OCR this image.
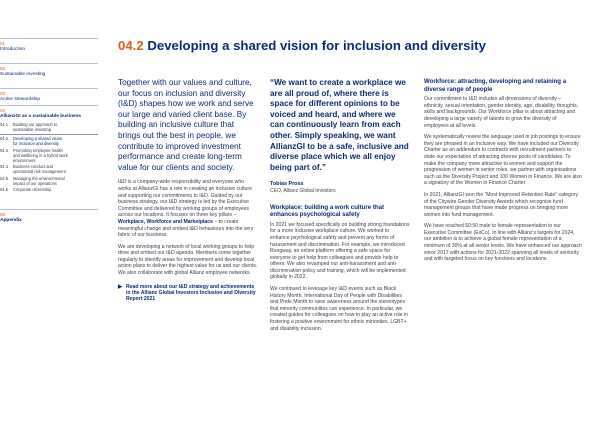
01
Introduction
02
Sustainable investing
03
Active stewardship
04
AllianzGI as a sustainable business
04.1	Building our approach to sustainable investing
04.2	Developing a shared vision for inclusion and diversity
04.3	Promoting employee health and wellbeing in a hybrid work environment
04.4	Business conduct and operational risk management
04.5	Managing the environmental impact of our operations
04.6	Corporate citizenship
05
Appendix
04.2 Developing a shared vision for inclusion and diversity

Together with our values and culture, our focus on inclusion and diversity (I&D) shapes how we work and serve our large and varied client base. By building an inclusive culture that brings out the best in people, we contribute to improved investment performance and create long-term value for our clients and society.

I&D is a company-wide responsibility and everyone who works at AllianzGI has a role in creating an inclusive culture and supporting our commitments to I&D. Guided by our business strategy, our I&D strategy is led by the Executive Committee and delivered by working groups of employees across our locations. It focuses on three key pillars – Workplace, Workforce and Marketplace – to create meaningful change and embed I&D behaviours into the very fabric of our business.

We are developing a network of local working groups to help drive and embed our I&D agenda. Members come together regularly to identify areas for improvement and develop local action plans to deliver the highest value for us and our clients. We also collaborate with global Allianz employee networks.

▶ Read more about our I&D strategy and achievements in the Allianz Global Investors Inclusion and Diversity Report 2021

“We want to create a workplace we are all proud of, where there is space for different opinions to be voiced and heard, and where we can continuously learn from each other. Simply speaking, we want AllianzGI to be a safe, inclusive and diverse place which we all enjoy being part of.”

Tobias Pross
CEO, Allianz Global Investors
Workplace: building a work culture that enhances psychological safety

In 2021 we focused specifically on building strong foundations for a more inclusive workplace culture. We worked to enhance psychological safety and prevent any forms of harassment and discrimination. For example, we introduced Rungway, an online platform offering a safe space for everyone to get help from colleagues and provide help to others. We also revamped our anti-harassment and anti-discrimination policy and training, which will be implemented globally in 2022.

We continued to leverage key I&D events such as Black History Month, International Day of People with Disabilities and Pride Month to raise awareness around the stereotypes that minority communities can experience. In particular, we created guides for colleagues on how to play an active role in fostering a positive environment for ethnic minorities, LGBT+ and disability inclusion.

Workforce: attracting, developing and retaining a diverse range of people

Our commitment to I&D includes all dimensions of diversity – ethnicity, sexual orientation, gender identity, age, disability, thoughts, skills and backgrounds. Our Workforce pillar is about attracting and developing a large variety of talents to grow the diversity of employees at all levels.

We systematically review the language used in job postings to ensure they are phrased in an inclusive way. We have included our Diversity Charter as an addendum to contracts with recruitment partners to state our expectation of attracting diverse pools of candidates. To make the company more attractive to women and support the progression of women in senior roles, we partner with organisations such as the Diversity Project and 100 Women in Finance. We are also a signatory of the Women in Finance Charter.

In 2021, AllianzGI won the “Most Improved Retention Rate” category of the Citywire Gender Diversity Awards which recognise fund management groups that have made progress on bringing more women into fund management.

We have reached 50:50 male to female representation in our Executive Committee (ExCo). In line with Allianz’s targets for 2024, our ambition is to achieve a global female representation of a minimum of 30% at all senior levels. We have enhanced our approach since 2017 with actions for 2021-2022 spanning all levels of seniority and with targeted focus on key functions and locations.
